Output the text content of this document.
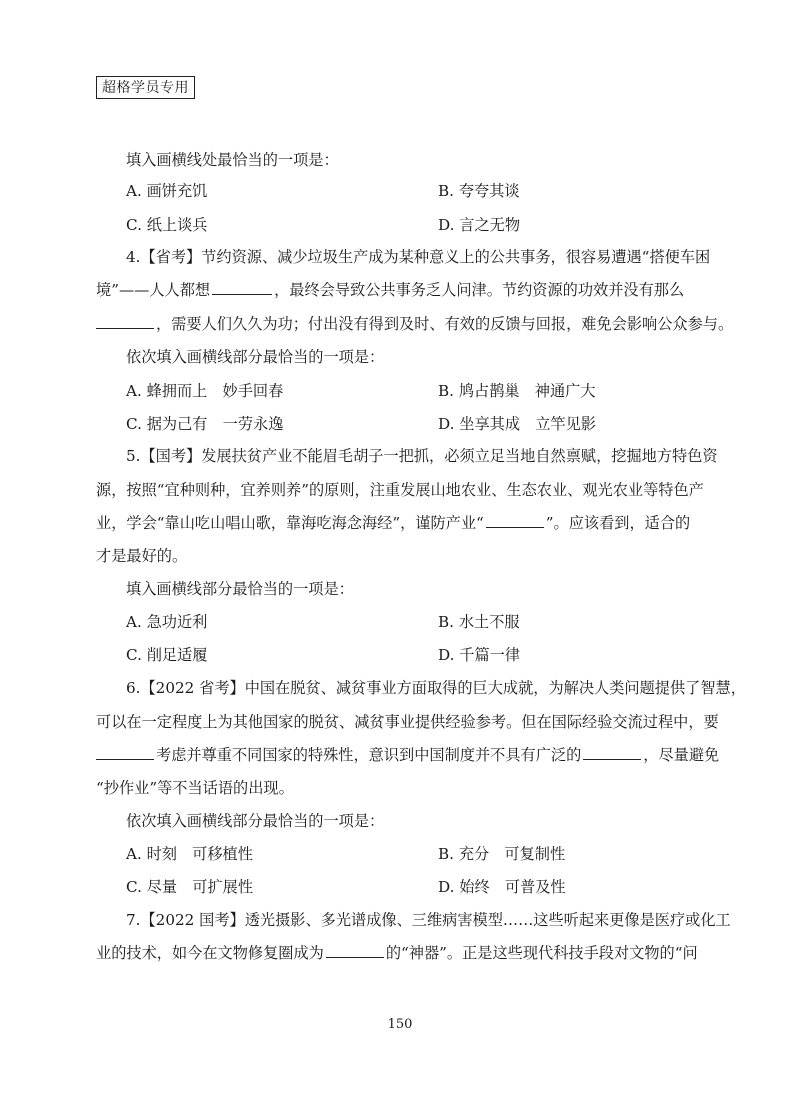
超格学员专用
填入画横线处最恰当的一项是：
A. 画饼充饥	B. 夸夸其谈
C. 纸上谈兵	D. 言之无物
4.【省考】节约资源、减少垃圾生产成为某种意义上的公共事务，很容易遭遇“搭便车困
境”——人人都想	，最终会导致公共事务乏人问津。节约资源的功效并没有那么
，需要人们久久为功；付出没有得到及时、有效的反馈与回报，难免会影响公众参与。
依次填入画横线部分最恰当的一项是：
A. 蜂拥而上　妙手回春	B. 鸠占鹊巢　神通广大
C. 据为己有　一劳永逸	D. 坐享其成　立竿见影
5.【国考】发展扶贫产业不能眉毛胡子一把抓，必须立足当地自然禀赋，挖掘地方特色资
源，按照“宜种则种，宜养则养”的原则，注重发展山地农业、生态农业、观光农业等特色产
业，学会“靠山吃山唱山歌，靠海吃海念海经”，谨防产业“	”。应该看到，适合的
才是最好的。
填入画横线部分最恰当的一项是：
A. 急功近利	B. 水土不服
C. 削足适履	D. 千篇一律
6.【2022 省考】中国在脱贫、减贫事业方面取得的巨大成就，为解决人类问题提供了智慧，
可以在一定程度上为其他国家的脱贫、减贫事业提供经验参考。但在国际经验交流过程中，要
考虑并尊重不同国家的特殊性，意识到中国制度并不具有广泛的	，尽量避免
“抄作业”等不当话语的出现。
依次填入画横线部分最恰当的一项是：
A. 时刻　可移植性	B. 充分　可复制性
C. 尽量　可扩展性	D. 始终　可普及性
7.【2022 国考】透光摄影、多光谱成像、三维病害模型……这些听起来更像是医疗或化工
业的技术，如今在文物修复圈成为	的“神器”。正是这些现代科技手段对文物的“问
150
